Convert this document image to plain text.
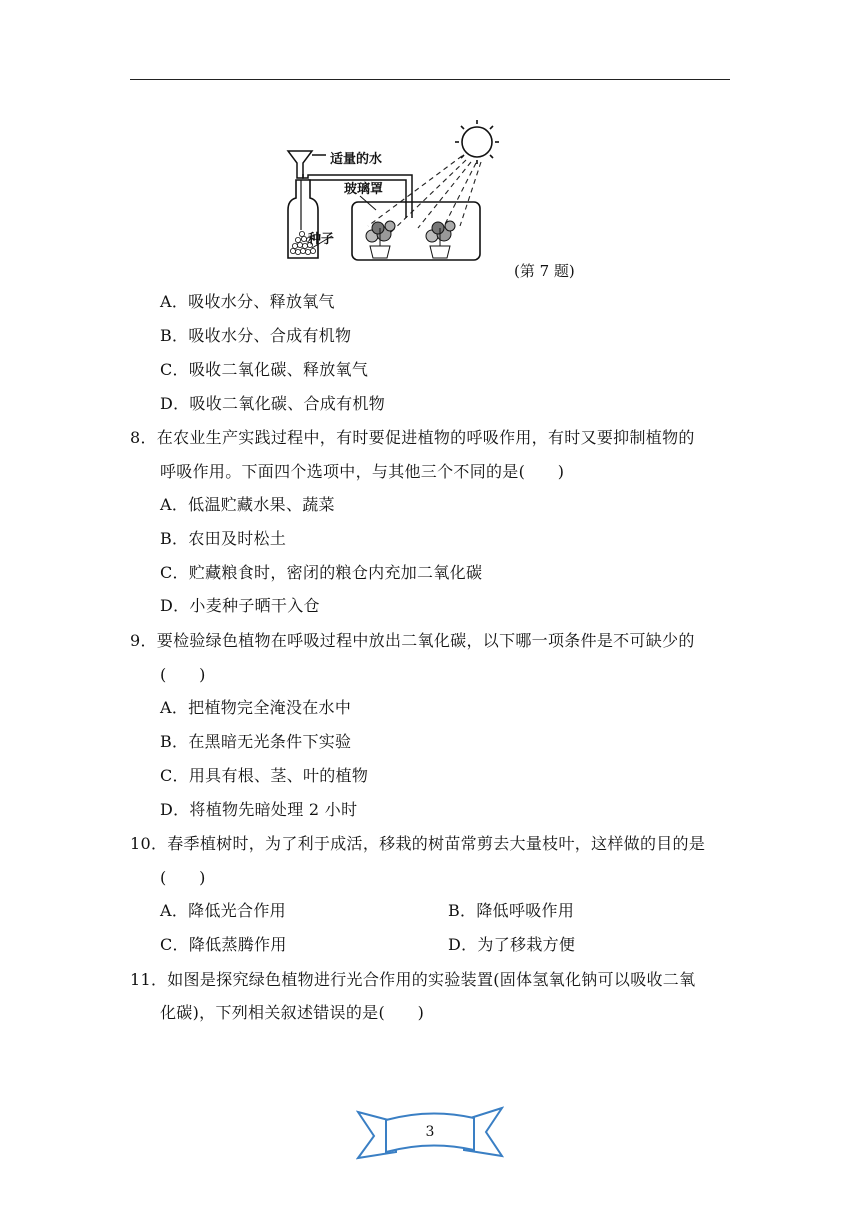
适量的水
玻璃罩
种子
(第 7 题)
A．吸收水分、释放氧气
B．吸收水分、合成有机物
C．吸收二氧化碳、释放氧气
D．吸收二氧化碳、合成有机物
8．在农业生产实践过程中，有时要促进植物的呼吸作用，有时又要抑制植物的
呼吸作用。下面四个选项中，与其他三个不同的是(　　)
A．低温贮藏水果、蔬菜
B．农田及时松土
C．贮藏粮食时，密闭的粮仓内充加二氧化碳
D．小麦种子晒干入仓
9．要检验绿色植物在呼吸过程中放出二氧化碳，以下哪一项条件是不可缺少的
(　　)
A．把植物完全淹没在水中
B．在黑暗无光条件下实验
C．用具有根、茎、叶的植物
D．将植物先暗处理 2 小时
10．春季植树时，为了利于成活，移栽的树苗常剪去大量枝叶，这样做的目的是
(　　)
A．降低光合作用	B．降低呼吸作用
C．降低蒸腾作用	D．为了移栽方便
11．如图是探究绿色植物进行光合作用的实验装置(固体氢氧化钠可以吸收二氧
化碳)，下列相关叙述错误的是(　　)
3
